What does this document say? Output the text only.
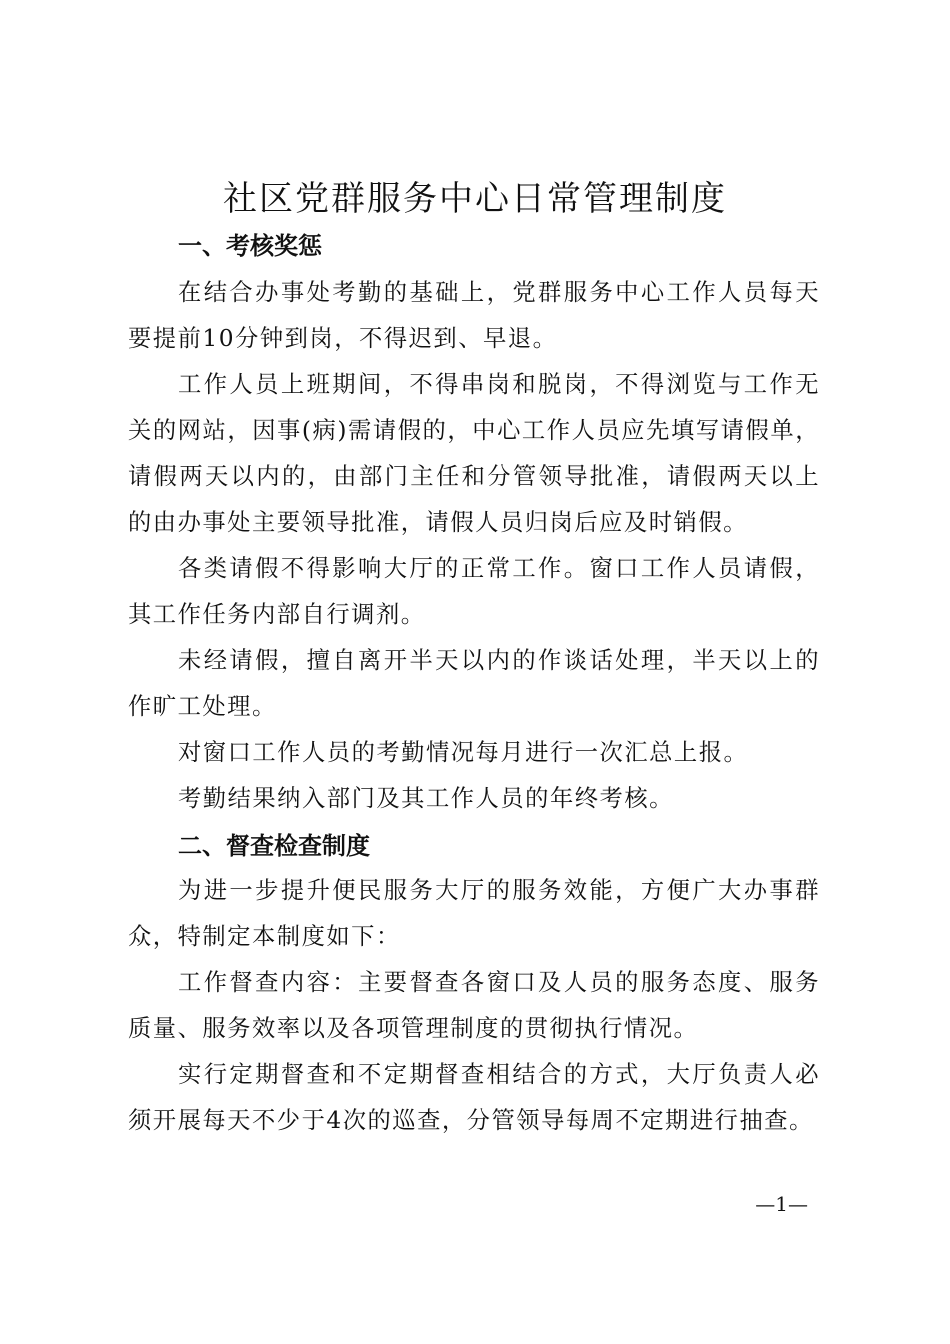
社区党群服务中心日常管理制度
一、考核奖惩
在结合办事处考勤的基础上，党群服务中心工作人员每天要提前10分钟到岗，不得迟到、早退。
工作人员上班期间，不得串岗和脱岗，不得浏览与工作无关的网站，因事(病)需请假的，中心工作人员应先填写请假单，请假两天以内的，由部门主任和分管领导批准，请假两天以上的由办事处主要领导批准，请假人员归岗后应及时销假。
各类请假不得影响大厅的正常工作。窗口工作人员请假，其工作任务内部自行调剂。
未经请假，擅自离开半天以内的作谈话处理，半天以上的作旷工处理。
对窗口工作人员的考勤情况每月进行一次汇总上报。
考勤结果纳入部门及其工作人员的年终考核。
二、督查检查制度
为进一步提升便民服务大厅的服务效能，方便广大办事群众，特制定本制度如下：
工作督查内容：主要督查各窗口及人员的服务态度、服务质量、服务效率以及各项管理制度的贯彻执行情况。
实行定期督查和不定期督查相结合的方式，大厅负责人必须开展每天不少于4次的巡查，分管领导每周不定期进行抽查。
—1—
